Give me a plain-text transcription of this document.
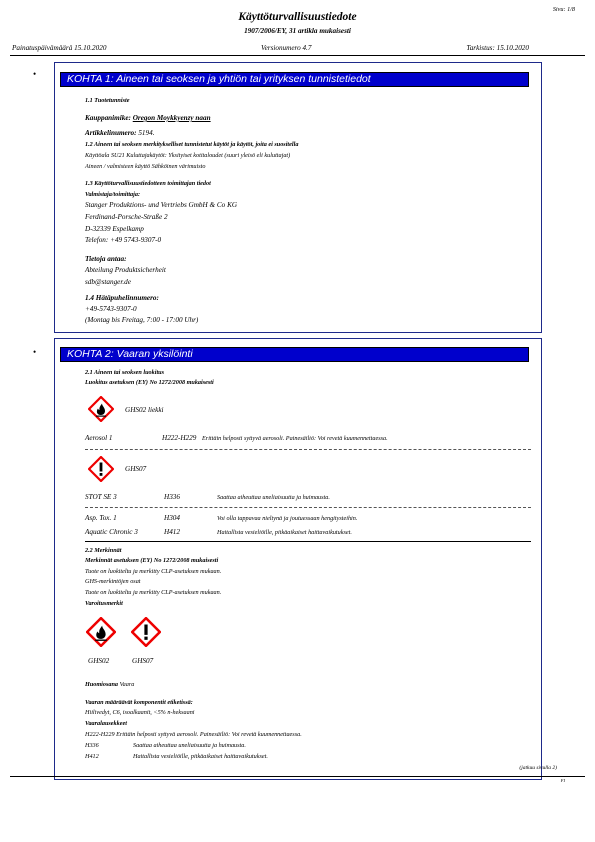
Sivu: 1/8
Käyttöturvallisuustiedote
1907/2006/EY, 31 artikla mukaisesti
Painatuspäivämäärä 15.10.2020	Versionumero 4.7	Tarkistus: 15.10.2020
•	KOHTA 1: Aineen tai seoksen ja yhtiön tai yrityksen tunnistetiedot
1.1 Tuotetunniste
Kauppanimike: Oregon Moykkyenzy naan
Artikkelinumero: 5194.
1.2 Aineen tai seoksen merkitykselliset tunnistetut käytöt ja käytöt, joita ei suositella
Käyttöala SU21 Kuluttajakäytöt: Yksityiset kotitaloudet (suuri yleisö eli kuluttajat)
Aineen / valmisteen käyttö Sähköinen värimuisto
1.3 Käyttöturvallisuustiedotteen toimittajan tiedot
Valmistaja/toimittaja:
Stanger Produktions- und Vertriebs GmbH & Co KG
Ferdinand-Porsche-Straße 2
D-32339 Espelkamp
Telefon: +49 5743-9307-0
Tietoja antaa:
Abteilung Produktsicherheit
sdb@stanger.de
1.4 Hätäpuhelinnumero:
+49-5743-9307-0
(Montag bis Freitag, 7:00 - 17:00 Uhr)
•	KOHTA 2: Vaaran yksilöinti
2.1 Aineen tai seoksen luokitus
Luokitus asetuksen (EY) No 1272/2008 mukaisesti
GHS02 liekki
Aerosol 1	H222-H229 Erittäin helposti syttyvä aerosoli. Painesäiliö: Voi revetä kuumennettaessa.
GHS07
STOT SE 3	H336	Saattaa aiheuttaa uneliaisuutta ja huimausta.
Asp. Tox. 1	H304	Voi olla tappavaa nieltynä ja joutuessaan hengitysteihin.
Aquatic Chronic 3	H412	Haitallista vesieliöille, pitkäaikaiset haittavaikutukset.
2.2 Merkinnät
Merkinnät asetuksen (EY) No 1272/2008 mukaisesti
Tuote on luokiteltu ja merkitty CLP-asetuksen mukaan.
GHS-merkintöjen osat
Tuote on luokiteltu ja merkitty CLP-asetuksen mukaan.
Varoitusmerkit
GHS02	GHS07
Huomiosana Vaara
Vaaran määräävät komponentit etiketissä:
Hiilivedyt, C6, isoalkaanit, <5% n-heksaani
Vaaralausekkeet
H222-H229 Erittäin helposti syttyvä aerosoli. Painesäiliö: Voi revetä kuumennettaessa.
H336	Saattaa aiheuttaa uneliaisuutta ja huimausta.
H412	Haitallista vesieliöille, pitkäaikaiset haittavaikutukset.
(jatkuu sivulla 2)
FI
